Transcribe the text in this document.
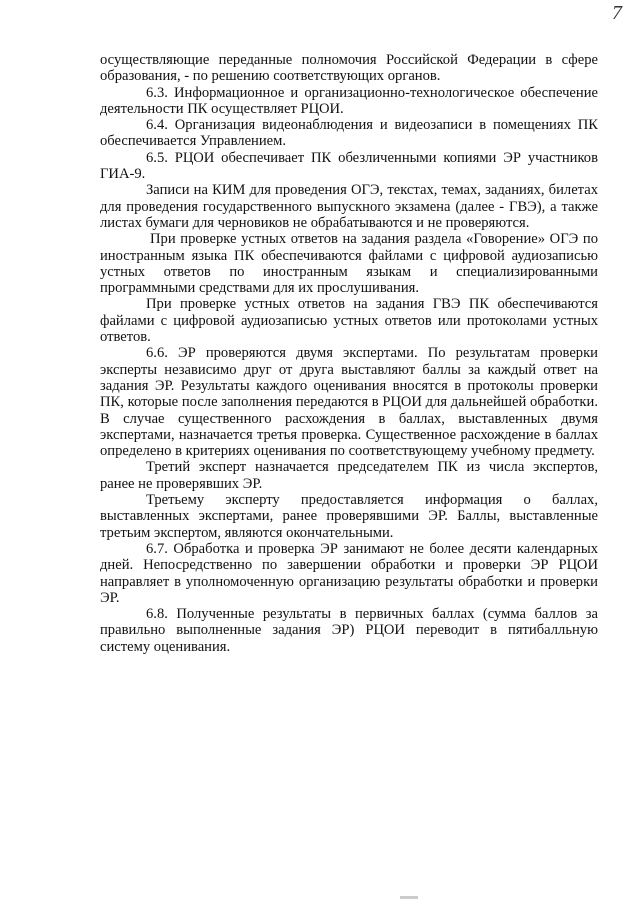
7

осуществляющие переданные полномочия Российской Федерации в сфере образования, - по решению соответствующих органов.

6.3. Информационное и организационно-технологическое обеспечение деятельности ПК осуществляет РЦОИ.

6.4. Организация видеонаблюдения и видеозаписи в помещениях ПК обеспечивается Управлением.

6.5. РЦОИ обеспечивает ПК обезличенными копиями ЭР участников ГИА-9.

Записи на КИМ для проведения ОГЭ, текстах, темах, заданиях, билетах для проведения государственного выпускного экзамена (далее - ГВЭ), а также листах бумаги для черновиков не обрабатываются и не проверяются.

При проверке устных ответов на задания раздела «Говорение» ОГЭ по иностранным языка ПК обеспечиваются файлами с цифровой аудиозаписью устных ответов по иностранным языкам и специализированными программными средствами для их прослушивания.

При проверке устных ответов на задания ГВЭ ПК обеспечиваются файлами с цифровой аудиозаписью устных ответов или протоколами устных ответов.

6.6. ЭР проверяются двумя экспертами. По результатам проверки эксперты независимо друг от друга выставляют баллы за каждый ответ на задания ЭР. Результаты каждого оценивания вносятся в протоколы проверки ПК, которые после заполнения передаются в РЦОИ для дальнейшей обработки. В случае существенного расхождения в баллах, выставленных двумя экспертами, назначается третья проверка. Существенное расхождение в баллах определено в критериях оценивания по соответствующему учебному предмету.

Третий эксперт назначается председателем ПК из числа экспертов, ранее не проверявших ЭР.

Третьему эксперту предоставляется информация о баллах, выставленных экспертами, ранее проверявшими ЭР. Баллы, выставленные третьим экспертом, являются окончательными.

6.7. Обработка и проверка ЭР занимают не более десяти календарных дней. Непосредственно по завершении обработки и проверки ЭР РЦОИ направляет в уполномоченную организацию результаты обработки и проверки ЭР.

6.8. Полученные результаты в первичных баллах (сумма баллов за правильно выполненные задания ЭР) РЦОИ переводит в пятибалльную систему оценивания.
